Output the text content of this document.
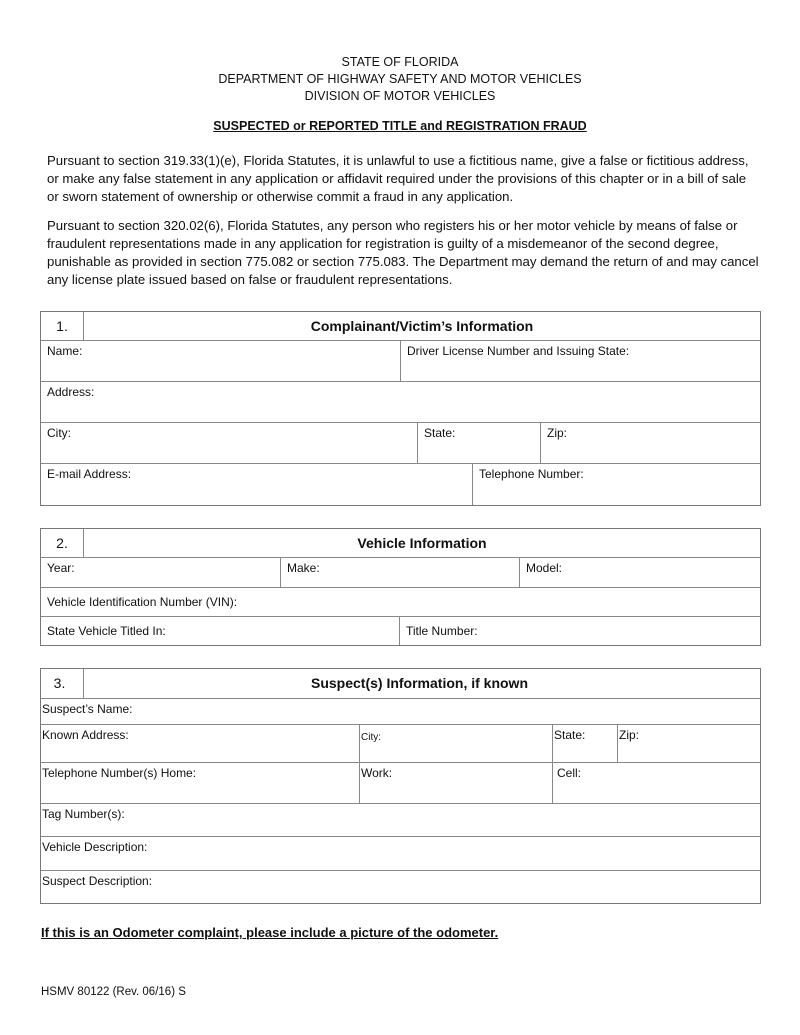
STATE OF FLORIDA
DEPARTMENT OF HIGHWAY SAFETY AND MOTOR VEHICLES
DIVISION OF MOTOR VEHICLES
SUSPECTED or REPORTED TITLE and REGISTRATION FRAUD
Pursuant to section 319.33(1)(e), Florida Statutes, it is unlawful to use a fictitious name, give a false or fictitious address, or make any false statement in any application or affidavit required under the provisions of this chapter or in a bill of sale or sworn statement of ownership or otherwise commit a fraud in any application.
Pursuant to section 320.02(6), Florida Statutes, any person who registers his or her motor vehicle by means of false or fraudulent representations made in any application for registration is guilty of a misdemeanor of the second degree, punishable as provided in section 775.082 or section 775.083. The Department may demand the return of and may cancel any license plate issued based on false or fraudulent representations.
1.	Complainant/Victim’s Information
Name:	Driver License Number and Issuing State:
Address:
City:	State:	Zip:
E-mail Address:	Telephone Number:
2.	Vehicle Information
Year:	Make:	Model:
Vehicle Identification Number (VIN):
State Vehicle Titled In:	Title Number:
3.	Suspect(s) Information, if known
Suspect’s Name:
Known Address:	City:	State:	Zip:
Telephone Number(s) Home:	Work:	Cell:
Tag Number(s):
Vehicle Description:
Suspect Description:
If this is an Odometer complaint, please include a picture of the odometer.
HSMV 80122 (Rev. 06/16) S
